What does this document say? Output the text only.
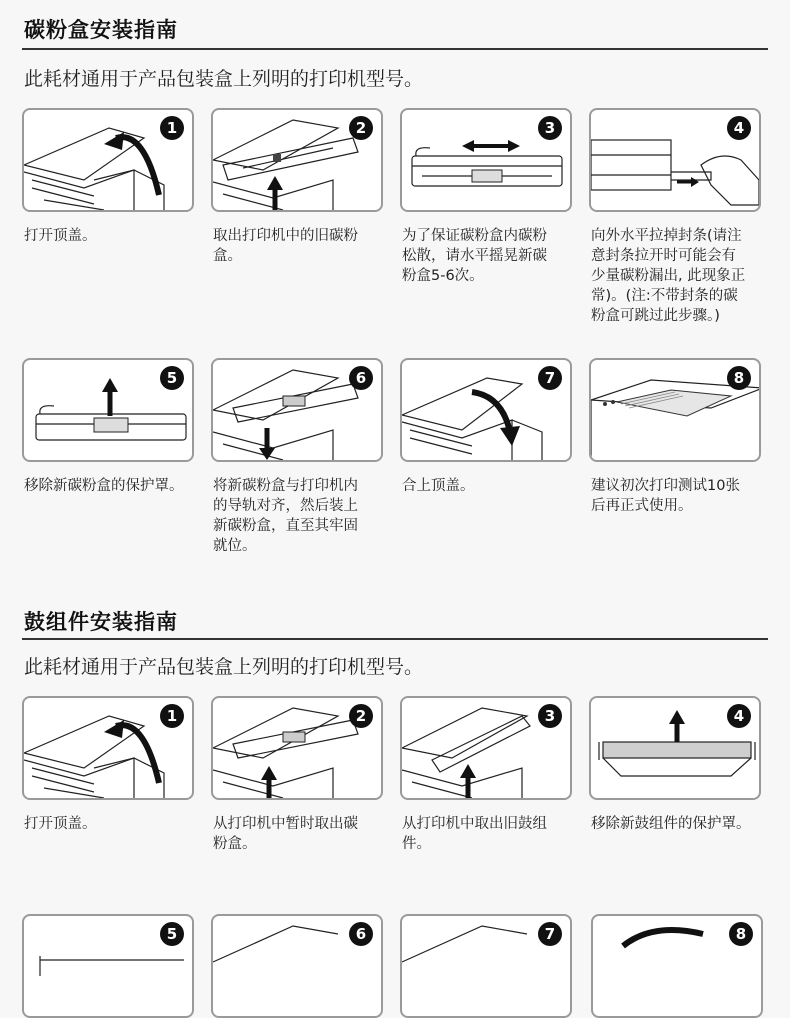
碳粉盒安装指南
此耗材通用于产品包装盒上列明的打印机型号。
1
打开顶盖。
2
取出打印机中的旧碳粉
盒。
3
为了保证碳粉盒内碳粉
松散，请水平摇晃新碳
粉盒5-6次。
4
向外水平拉掉封条(请注
意封条拉开时可能会有
少量碳粉漏出, 此现象正
常)。(注:不带封条的碳
粉盒可跳过此步骤。)
5
移除新碳粉盒的保护罩。
6
将新碳粉盒与打印机内
的导轨对齐，然后装上
新碳粉盒，直至其牢固
就位。
7
合上顶盖。
8
建议初次打印测试10张
后再正式使用。
鼓组件安装指南
此耗材通用于产品包装盒上列明的打印机型号。
1
打开顶盖。
2
从打印机中暂时取出碳
粉盒。
3
从打印机中取出旧鼓组
件。
4
移除新鼓组件的保护罩。
5	6	7	8
